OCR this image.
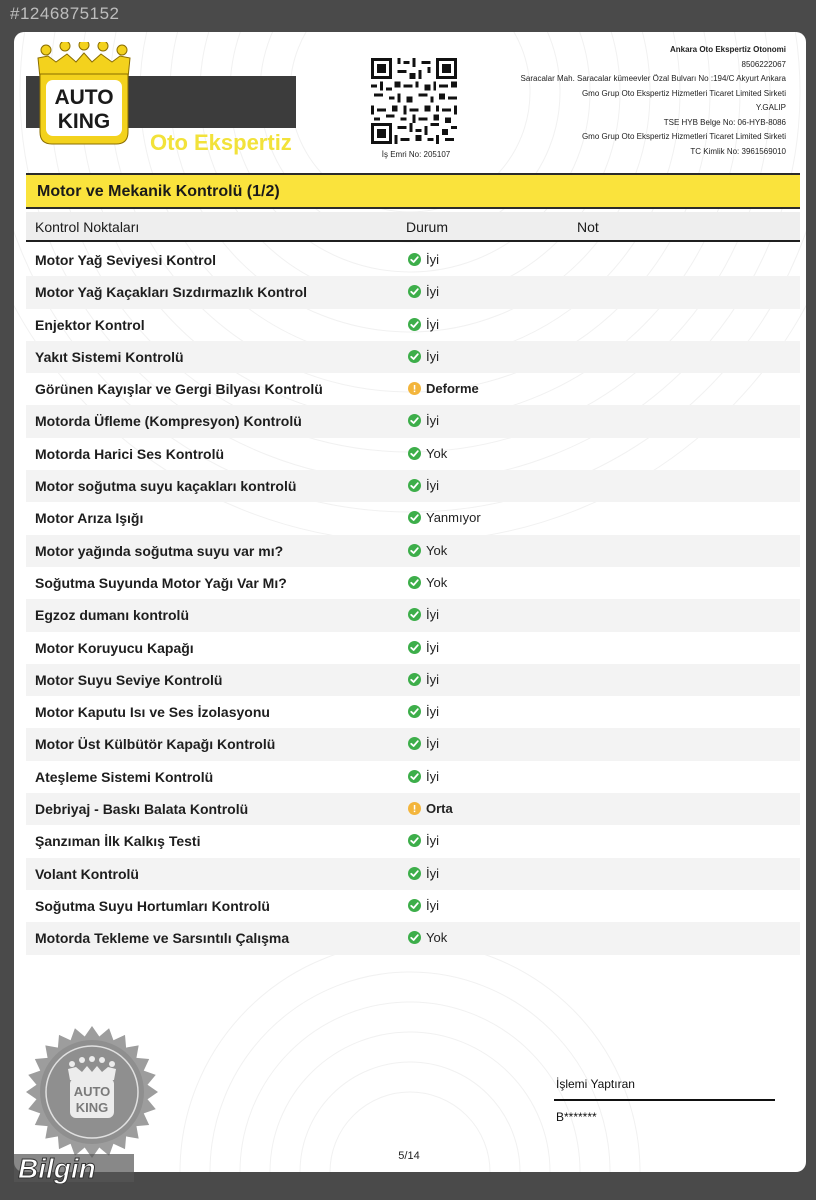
#1246875152
Oto Ekspertiz
AUTO
KING
İş Emri No: 205107
Ankara Oto Ekspertiz Otonomi
8506222067
Saracalar Mah. Saracalar kümeevler Özal Bulvarı No :194/C Akyurt Ankara
Gmo Grup Oto Ekspertiz Hizmetleri Ticaret Limited Sirketi
Y.GALIP
TSE HYB Belge No: 06-HYB-8086
Gmo Grup Oto Ekspertiz Hizmetleri Ticaret Limited Sirketi
TC Kimlik No: 3961569010
Motor ve Mekanik Kontrolü (1/2)
Kontrol Noktaları	Durum	Not
Motor Yağ Seviyesi Kontrol	İyi
Motor Yağ Kaçakları Sızdırmazlık Kontrol	İyi
Enjektor Kontrol	İyi
Yakıt Sistemi Kontrolü	İyi
Görünen Kayışlar ve Gergi Bilyası Kontrolü	Deforme
Motorda Üfleme (Kompresyon) Kontrolü	İyi
Motorda Harici Ses Kontrolü	Yok
Motor soğutma suyu kaçakları kontrolü	İyi
Motor Arıza Işığı	Yanmıyor
Motor yağında soğutma suyu var mı?	Yok
Soğutma Suyunda Motor Yağı Var Mı?	Yok
Egzoz dumanı kontrolü	İyi
Motor Koruyucu Kapağı	İyi
Motor Suyu Seviye Kontrolü	İyi
Motor Kaputu Isı ve Ses İzolasyonu	İyi
Motor Üst Külbütör Kapağı Kontrolü	İyi
Ateşleme Sistemi Kontrolü	İyi
Debriyaj - Baskı Balata Kontrolü	Orta
Şanzıman İlk Kalkış Testi	İyi
Volant Kontrolü	İyi
Soğutma Suyu Hortumları Kontrolü	İyi
Motorda Tekleme ve Sarsıntılı Çalışma	Yok
İşlemi Yaptıran
B*******
5/14
AUTO
KING
Bilgin
